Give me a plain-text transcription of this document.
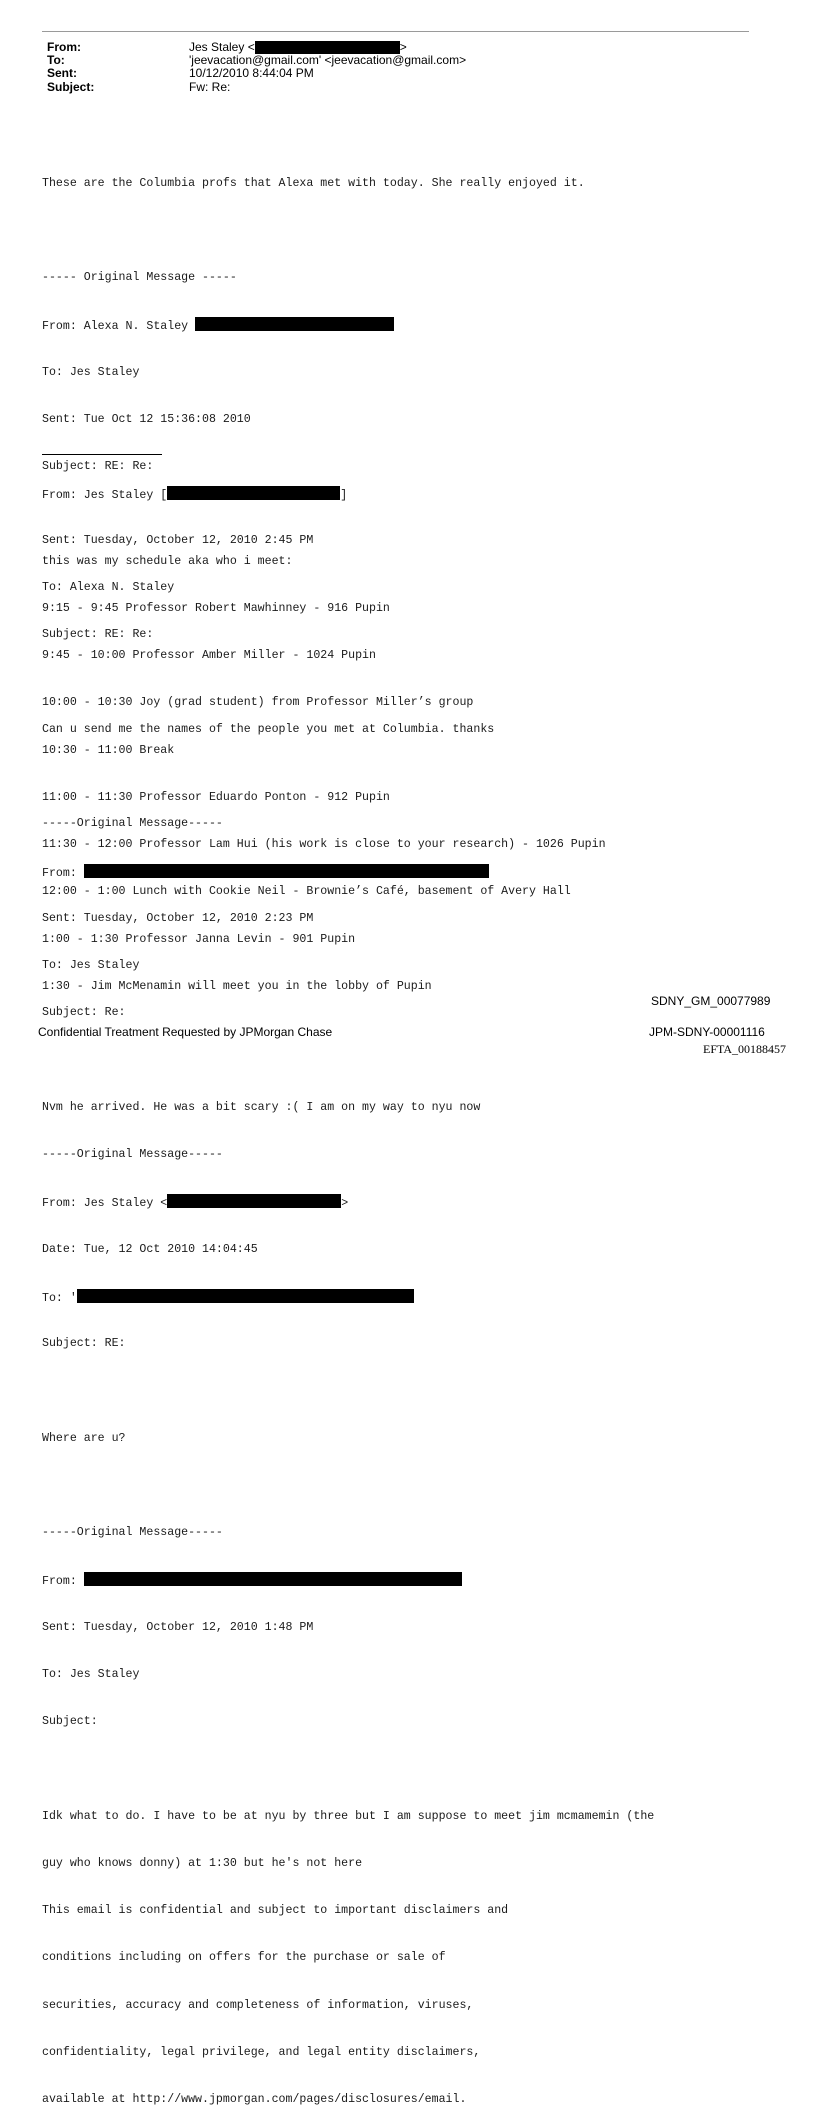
From:	Jes Staley <	>
To:	'jeevacation@gmail.com' <jeevacation@gmail.com>
Sent:	10/12/2010 8:44:04 PM
Subject:	Fw: Re:

These are the Columbia profs that Alexa met with today. She really enjoyed it.

----- Original Message -----

From: Alexa N. Staley

To: Jes Staley

Sent: Tue Oct 12 15:36:08 2010

Subject: RE: Re:

this was my schedule aka who i meet:

9:15 - 9:45 Professor Robert Mawhinney - 916 Pupin

9:45 - 10:00 Professor Amber Miller - 1024 Pupin

10:00 - 10:30 Joy (grad student) from Professor Miller’s group

10:30 - 11:00 Break

11:00 - 11:30 Professor Eduardo Ponton - 912 Pupin

11:30 - 12:00 Professor Lam Hui (his work is close to your research) - 1026 Pupin

12:00 - 1:00 Lunch with Cookie Neil - Brownie’s Café, basement of Avery Hall

1:00 - 1:30 Professor Janna Levin - 901 Pupin

1:30 - Jim McMenamin will meet you in the lobby of Pupin

From: Jes Staley [	]

Sent: Tuesday, October 12, 2010 2:45 PM

To: Alexa N. Staley

Subject: RE: Re:

Can u send me the names of the people you met at Columbia. thanks

-----Original Message-----

From:

Sent: Tuesday, October 12, 2010 2:23 PM

To: Jes Staley

Subject: Re:

Nvm he arrived. He was a bit scary :( I am on my way to nyu now

-----Original Message-----

From: Jes Staley <	>

Date: Tue, 12 Oct 2010 14:04:45

To: '

Subject: RE:

Where are u?

-----Original Message-----

From:

Sent: Tuesday, October 12, 2010 1:48 PM

To: Jes Staley

Subject:

Idk what to do. I have to be at nyu by three but I am suppose to meet jim mcmamemin (the

guy who knows donny) at 1:30 but he's not here

This email is confidential and subject to important disclaimers and

conditions including on offers for the purchase or sale of

securities, accuracy and completeness of information, viruses,

confidentiality, legal privilege, and legal entity disclaimers,

available at http://www.jpmorgan.com/pages/disclosures/email.

SDNY_GM_00077989
Confidential Treatment Requested by JPMorgan Chase	JPM-SDNY-00001116
EFTA_00188457
